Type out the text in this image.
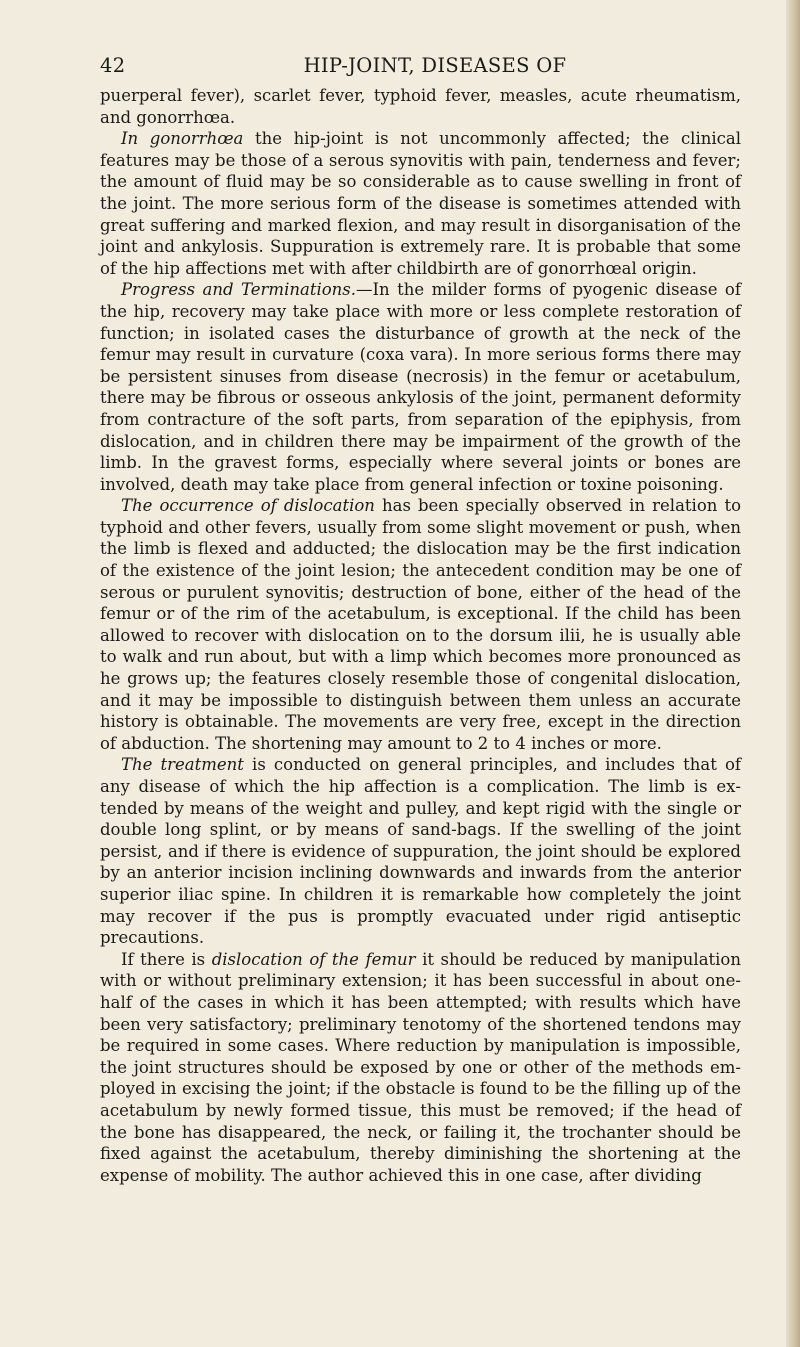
42	HIP-JOINT, DISEASES OF

puerperal fever), scarlet fever, typhoid fever, measles, acute rheumatism, and gonorrhœa.

In gonorrhœa the hip-joint is not uncommonly affected; the clinical features may be those of a serous synovitis with pain, tenderness and fever; the amount of fluid may be so considerable as to cause swelling in front of the joint. The more serious form of the disease is sometimes attended with great suffering and marked flexion, and may result in disorganisation of the joint and ankylosis. Suppuration is extremely rare. It is probable that some of the hip affections met with after childbirth are of gonorrhœal origin.

Progress and Terminations.—In the milder forms of pyogenic disease of the hip, recovery may take place with more or less complete restoration of function; in isolated cases the disturbance of growth at the neck of the femur may result in curvature (coxa vara). In more serious forms there may be persistent sinuses from disease (necrosis) in the femur or acetabulum, there may be fibrous or osseous ankylosis of the joint, permanent deformity from contracture of the soft parts, from separation of the epiphysis, from dislocation, and in children there may be impairment of the growth of the limb. In the gravest forms, especially where several joints or bones are involved, death may take place from general infection or toxine poisoning.

The occurrence of dislocation has been specially observed in relation to typhoid and other fevers, usually from some slight movement or push, when the limb is flexed and adducted; the dislocation may be the first indication of the existence of the joint lesion; the antecedent condition may be one of serous or purulent synovitis; destruction of bone, either of the head of the femur or of the rim of the acetabulum, is exceptional. If the child has been allowed to recover with dislocation on to the dorsum ilii, he is usually able to walk and run about, but with a limp which becomes more pronounced as he grows up; the features closely resemble those of congenital dislocation, and it may be impossible to distinguish between them unless an accurate history is obtainable. The movements are very free, except in the direction of abduction. The shortening may amount to 2 to 4 inches or more.

The treatment is conducted on general principles, and includes that of any disease of which the hip affection is a complication. The limb is extended by means of the weight and pulley, and kept rigid with the single or double long splint, or by means of sand-bags. If the swelling of the joint persist, and if there is evidence of suppuration, the joint should be explored by an anterior incision inclining downwards and inwards from the anterior superior iliac spine. In children it is remarkable how completely the joint may recover if the pus is promptly evacuated under rigid antiseptic precautions.

If there is dislocation of the femur it should be reduced by manipulation with or without preliminary extension; it has been successful in about one-half of the cases in which it has been attempted; with results which have been very satisfactory; preliminary tenotomy of the shortened tendons may be required in some cases. Where reduction by manipulation is impossible, the joint structures should be exposed by one or other of the methods employed in excising the joint; if the obstacle is found to be the filling up of the acetabulum by newly formed tissue, this must be removed; if the head of the bone has disappeared, the neck, or failing it, the trochanter should be fixed against the acetabulum, thereby diminishing the shortening at the expense of mobility. The author achieved this in one case, after dividing
